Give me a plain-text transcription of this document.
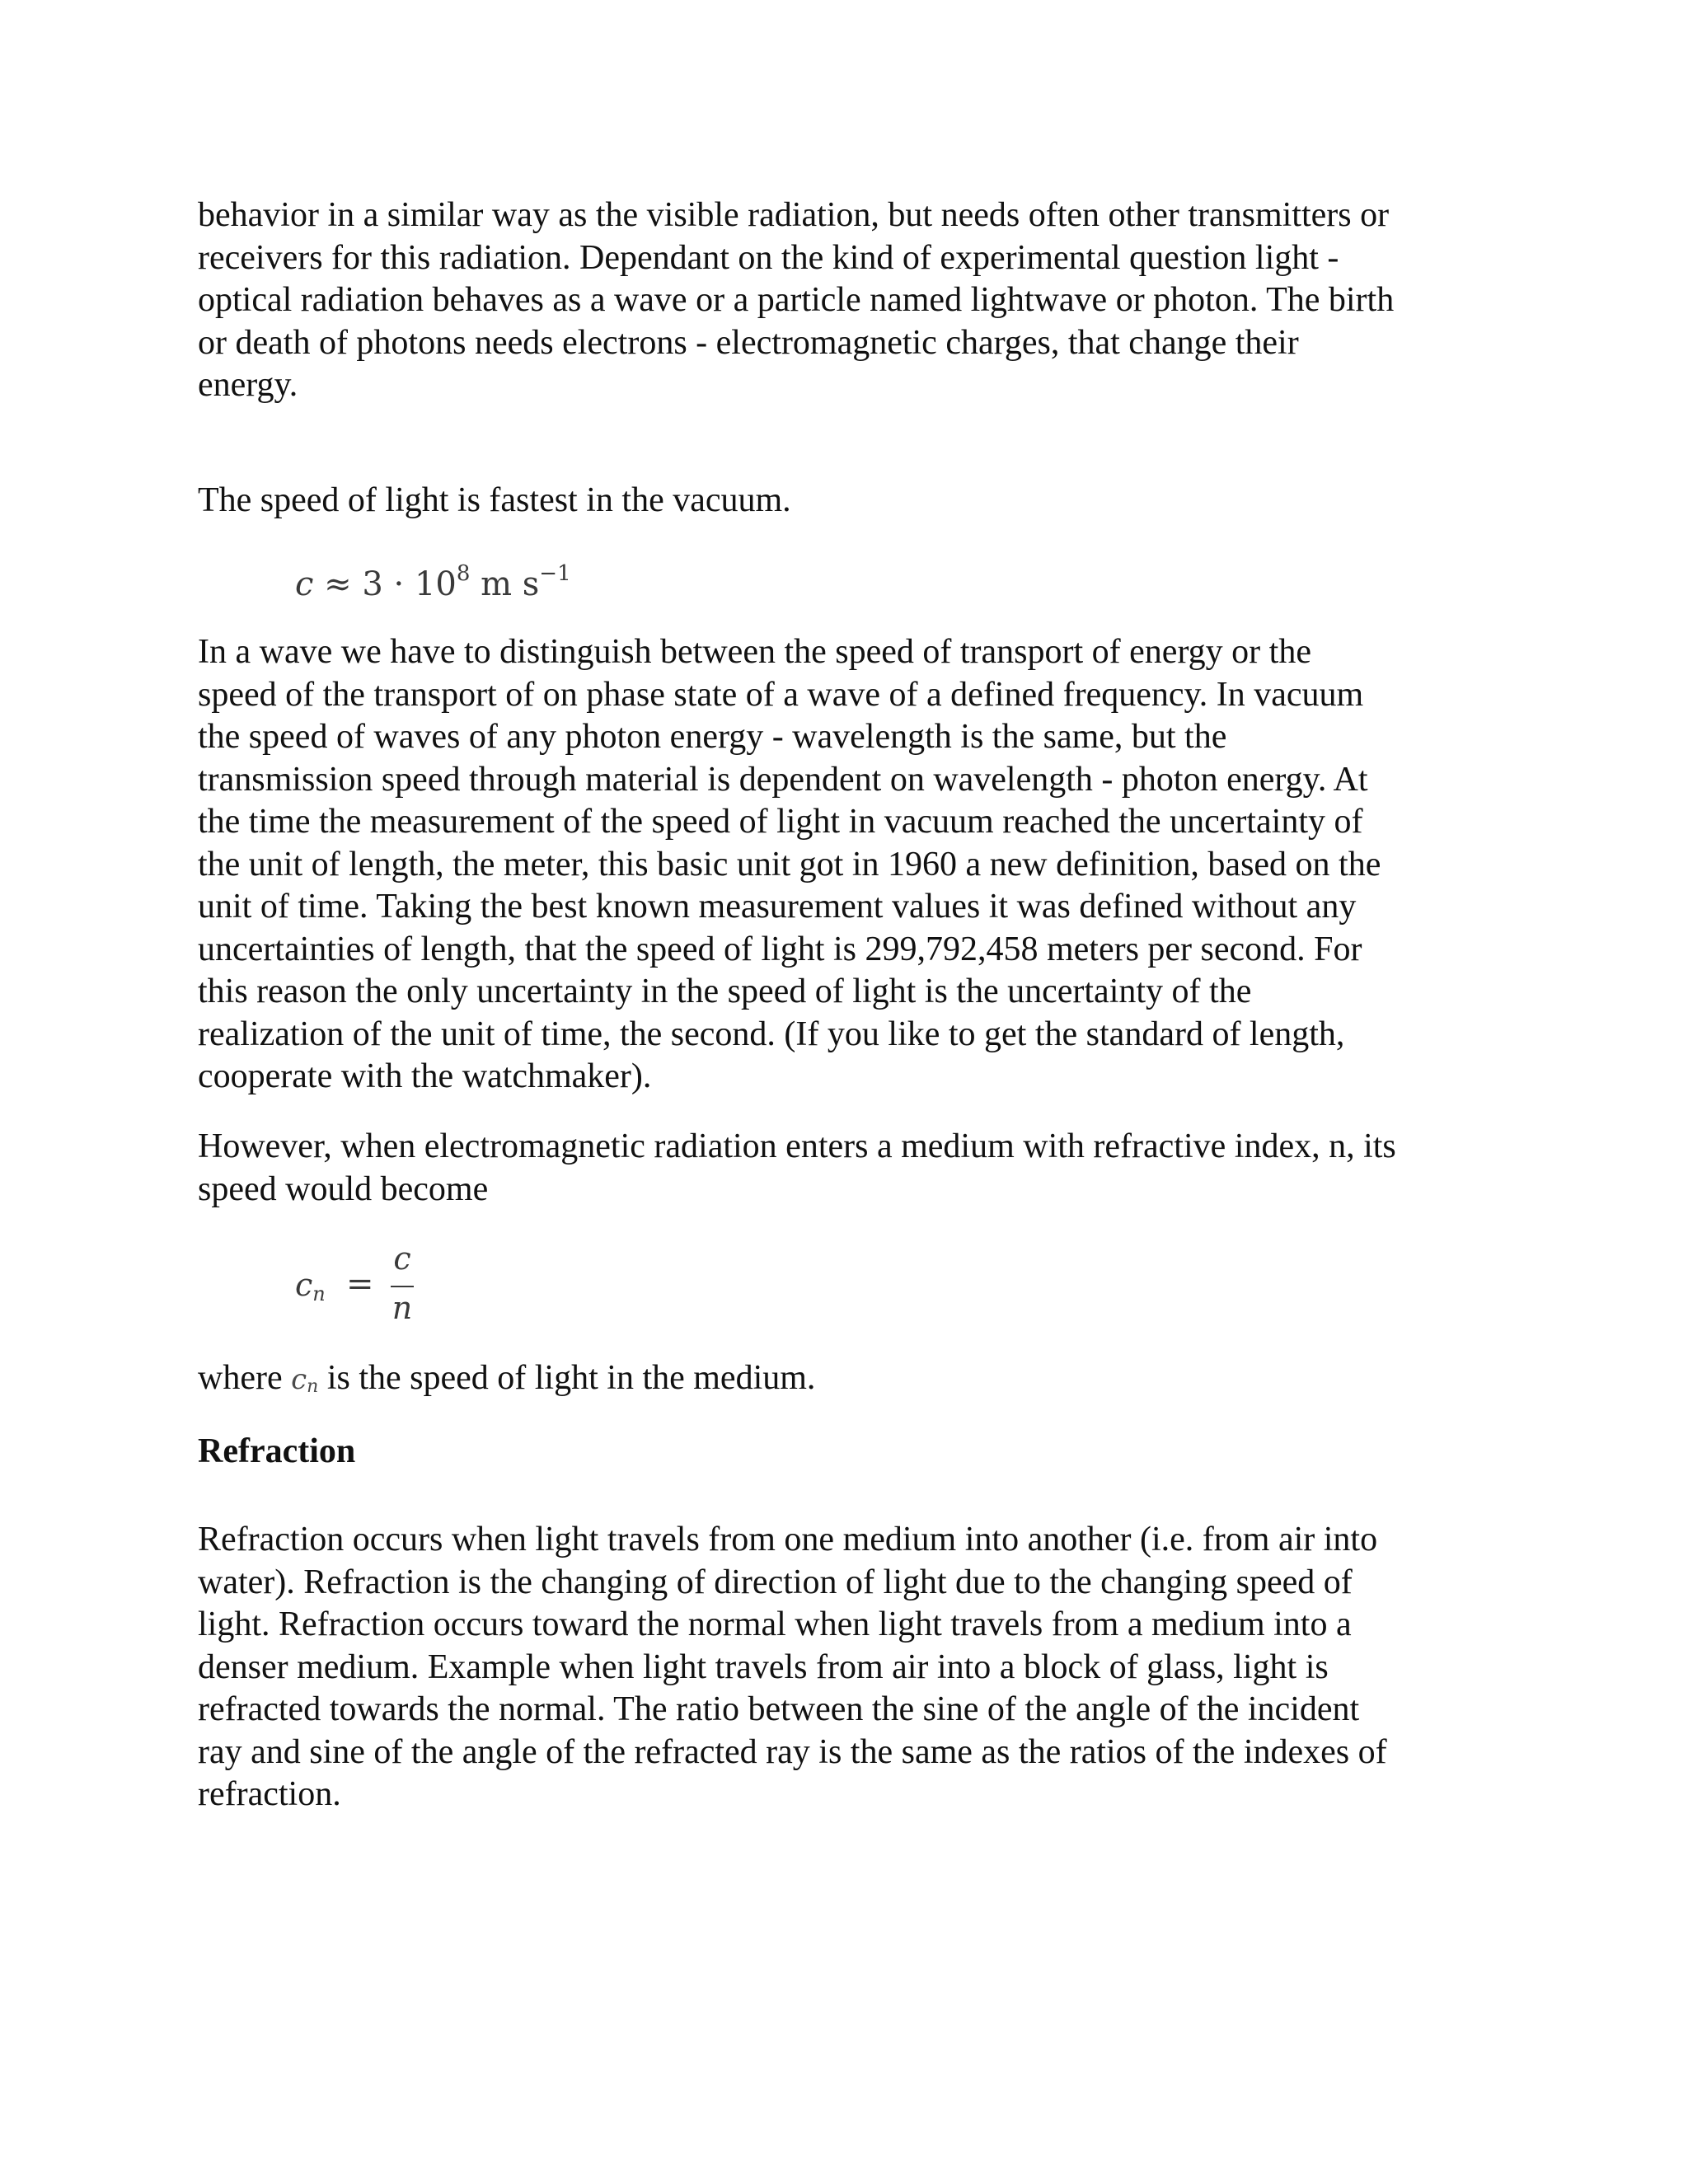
behavior in a similar way as the visible radiation, but needs often other transmitters or
receivers for this radiation. Dependant on the kind of experimental question light -
optical radiation behaves as a wave or a particle named lightwave or photon. The birth
or death of photons needs electrons - electromagnetic charges, that change their
energy.

The speed of light is fastest in the vacuum.

$c \approx 3 \cdot 10^8$ m $s^{-1}$

In a wave we have to distinguish between the speed of transport of energy or the
speed of the transport of on phase state of a wave of a defined frequency. In vacuum
the speed of waves of any photon energy - wavelength is the same, but the
transmission speed through material is dependent on wavelength - photon energy. At
the time the measurement of the speed of light in vacuum reached the uncertainty of
the unit of length, the meter, this basic unit got in 1960 a new definition, based on the
unit of time. Taking the best known measurement values it was defined without any
uncertainties of length, that the speed of light is 299,792,458 meters per second. For
this reason the only uncertainty in the speed of light is the uncertainty of the
realization of the unit of time, the second. (If you like to get the standard of length,
cooperate with the watchmaker).

However, when electromagnetic radiation enters a medium with refractive index, n, its
speed would become

$c_n$ =
c
n

where $c_n$ is the speed of light in the medium.

Refraction

Refraction occurs when light travels from one medium into another (i.e. from air into
water). Refraction is the changing of direction of light due to the changing speed of
light. Refraction occurs toward the normal when light travels from a medium into a
denser medium. Example when light travels from air into a block of glass, light is
refracted towards the normal. The ratio between the sine of the angle of the incident
ray and sine of the angle of the refracted ray is the same as the ratios of the indexes of
refraction.
